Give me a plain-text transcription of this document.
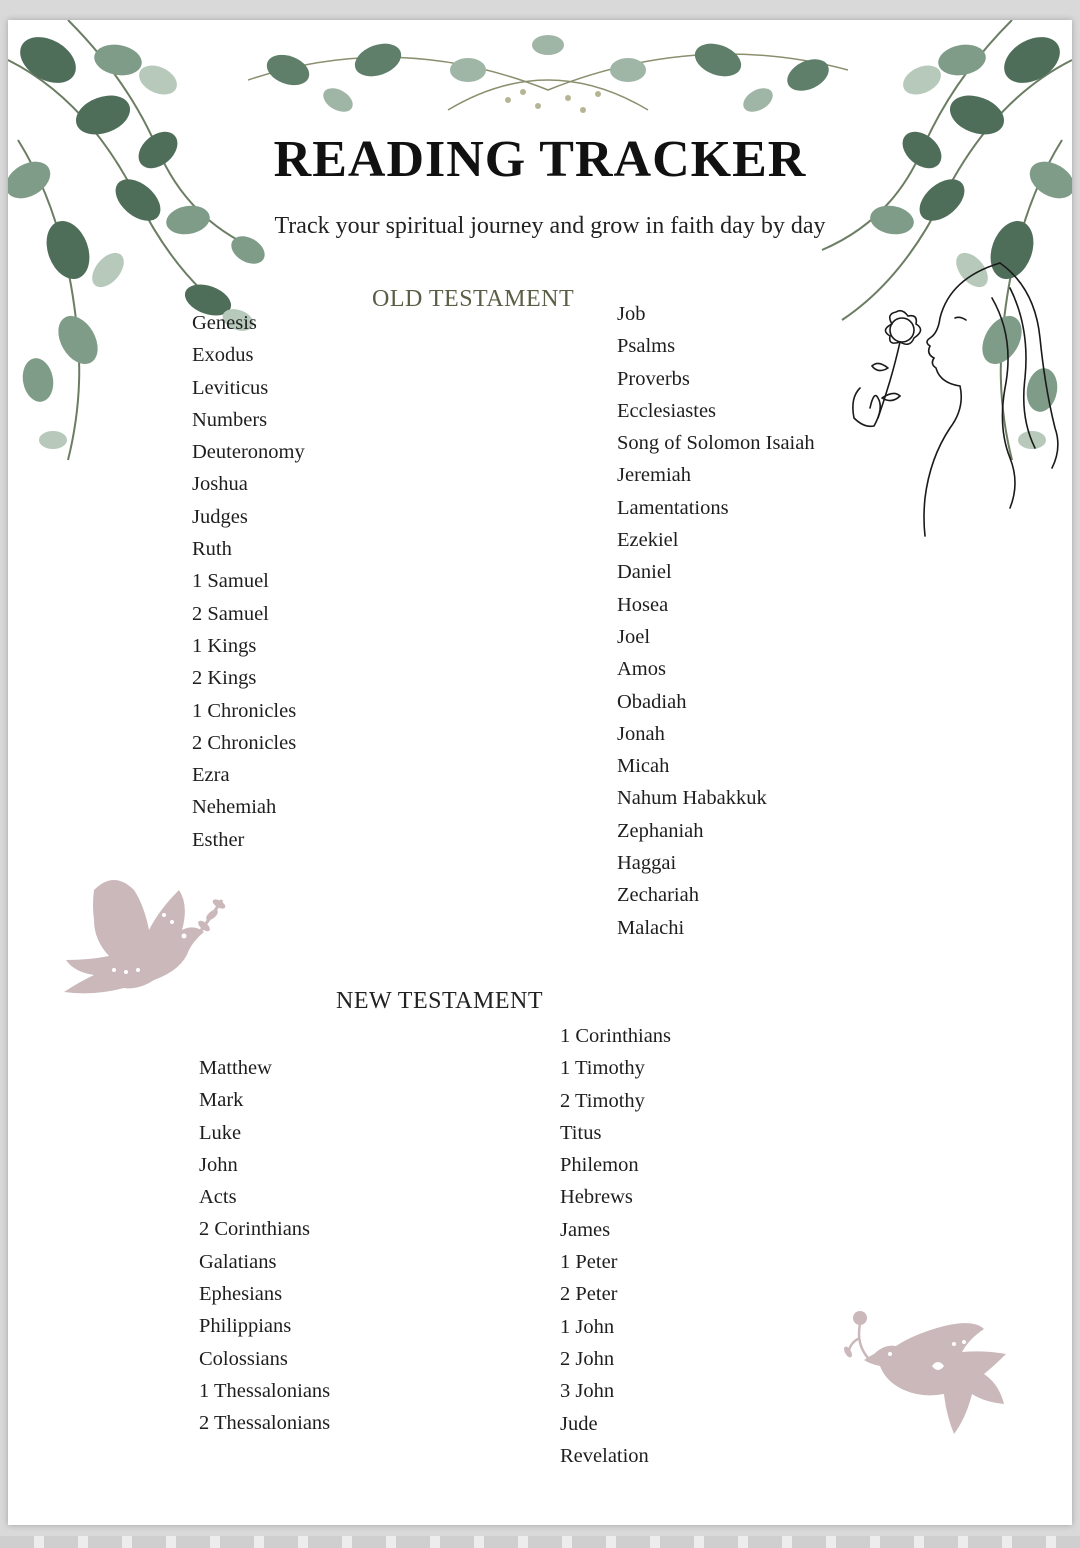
READING TRACKER

Track your spiritual journey and grow in faith day by day

OLD TESTAMENT
Genesis
Exodus
Leviticus
Numbers
Deuteronomy
Joshua
Judges
Ruth
1 Samuel
2 Samuel
1 Kings
2 Kings
1 Chronicles
2 Chronicles
Ezra
Nehemiah
Esther
Job
Psalms
Proverbs
Ecclesiastes
Song of Solomon Isaiah
Jeremiah
Lamentations
Ezekiel
Daniel
Hosea
Joel
Amos
Obadiah
Jonah
Micah
Nahum Habakkuk
Zephaniah
Haggai
Zechariah
Malachi
NEW TESTAMENT
Matthew
Mark
Luke
John
Acts
2 Corinthians
Galatians
Ephesians
Philippians
Colossians
1 Thessalonians
2 Thessalonians
1 Corinthians
1 Timothy
2 Timothy
Titus
Philemon
Hebrews
James
1 Peter
2 Peter
1 John
2 John
3 John
Jude
Revelation
